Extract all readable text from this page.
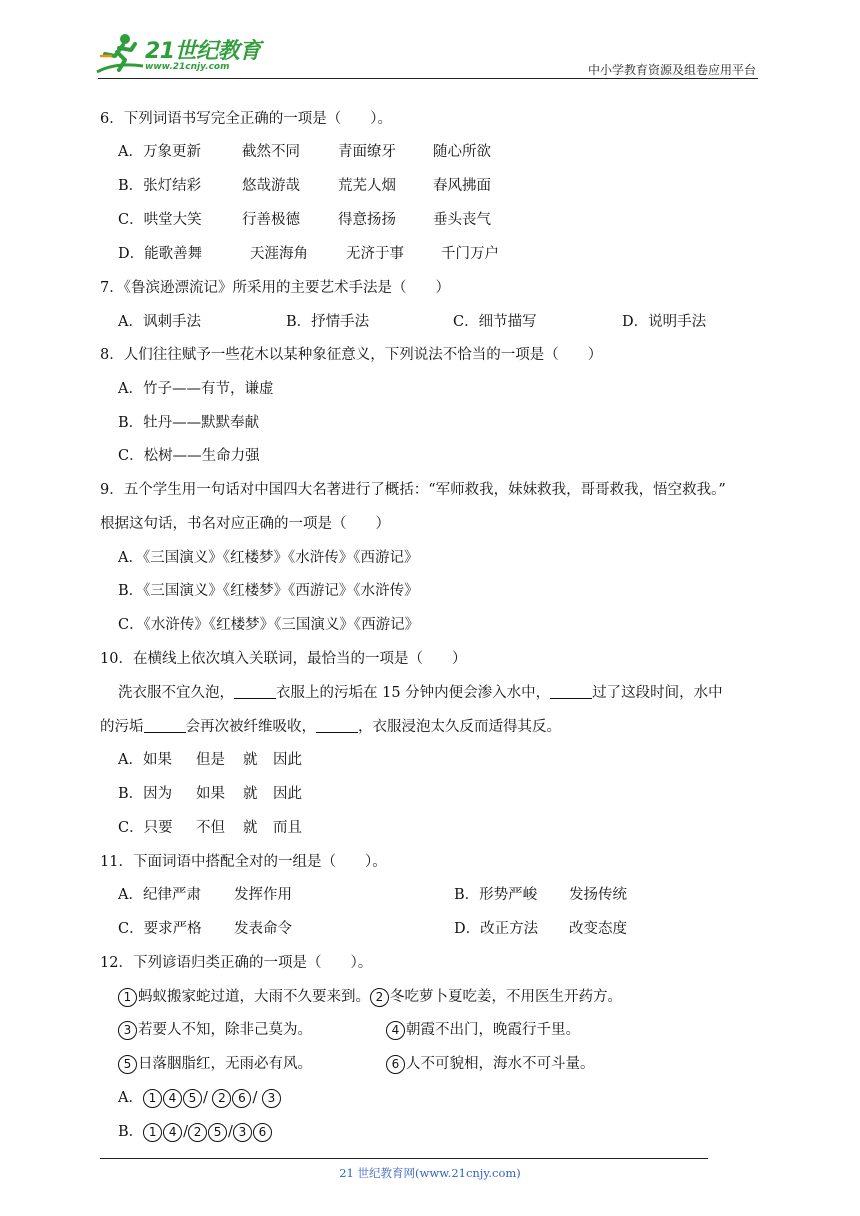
21世纪教育
www.21cnjy.com	中小学教育资源及组卷应用平台
6．下列词语书写完全正确的一项是（　　）。
A．万象更新	截然不同	青面缭牙	随心所欲
B．张灯结彩	悠哉游哉	荒芜人烟	春风拂面
C．哄堂大笑	行善极德	得意扬扬	垂头丧气
D．能歌善舞	天涯海角	无济于事	千门万户
7．《鲁滨逊漂流记》所采用的主要艺术手法是（　　）
A．讽刺手法	B．抒情手法	C．细节描写	D．说明手法
8．人们往往赋予一些花木以某种象征意义，下列说法不恰当的一项是（　　）
A．竹子——有节，谦虚
B．牡丹——默默奉献
C．松树——生命力强
9．五个学生用一句话对中国四大名著进行了概括：“军师救我，妹妹救我，哥哥救我，悟空救我。”
根据这句话，书名对应正确的一项是（　　）
A．《三国演义》《红楼梦》《水浒传》《西游记》
B．《三国演义》《红楼梦》《西游记》《水浒传》
C．《水浒传》《红楼梦》《三国演义》《西游记》
10．在横线上依次填入关联词，最恰当的一项是（　　）
洗衣服不宜久泡，	衣服上的污垢在 15 分钟内便会渗入水中，	过了这段时间，水中
的污垢	会再次被纤维吸收，	，衣服浸泡太久反而适得其反。
A．如果 但是 就 因此
B．因为 如果 就 因此
C．只要 不但 就 而且
11．下面词语中搭配全对的一组是（　　）。
A．纪律严肃 发挥作用	B．形势严峻 发扬传统
C．要求严格 发表命令	D．改正方法 改变态度
12．下列谚语归类正确的一项是（　　）。
1 蚂蚁搬家蛇过道，大雨不久要来到。 2 冬吃萝卜夏吃姜，不用医生开药方。
3 若要人不知，除非己莫为。	4 朝霞不出门，晚霞行千里。
5 日落胭脂红，无雨必有风。	6 人不可貌相，海水不可斗量。
A． 1 4 5 / 2 6 / 3
B． 1 4 / 2 5 / 3 6
21 世纪教育网(www.21cnjy.com)
